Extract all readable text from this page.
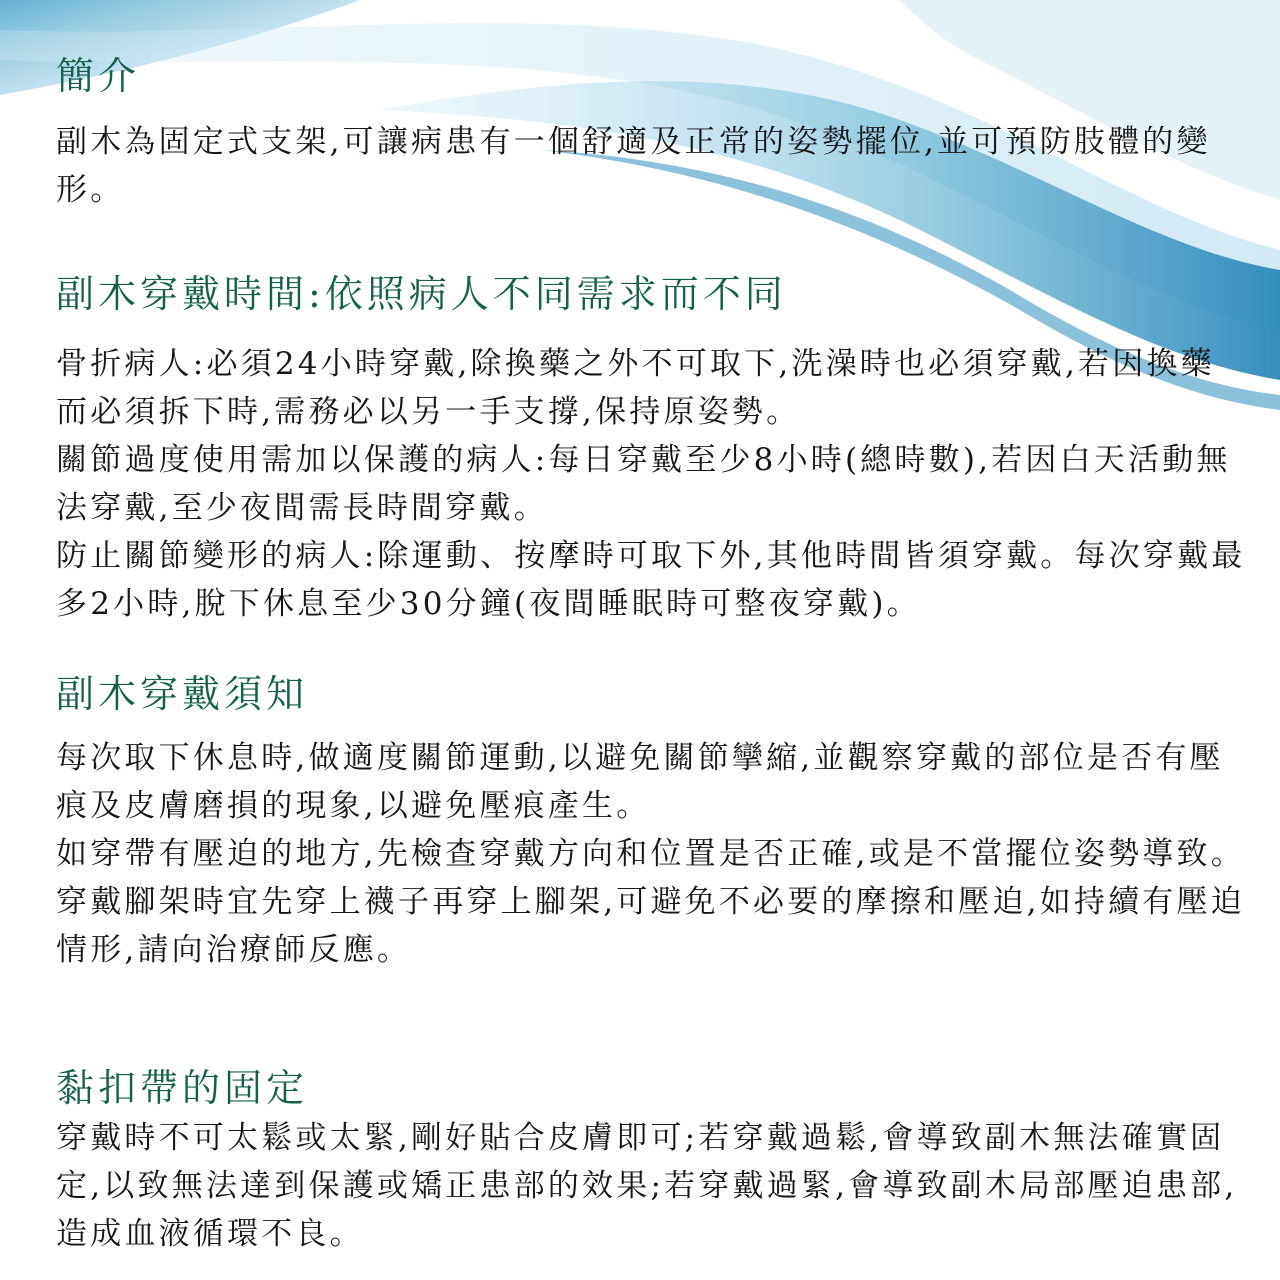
簡介

副木為固定式支架,可讓病患有一個舒適及正常的姿勢擺位,並可預防肢體的變形。

副木穿戴時間:依照病人不同需求而不同

骨折病人:必須24小時穿戴,除換藥之外不可取下,洗澡時也必須穿戴,若因換藥而必須拆下時,需務必以另一手支撐,保持原姿勢。

關節過度使用需加以保護的病人:每日穿戴至少8小時(總時數),若因白天活動無法穿戴,至少夜間需長時間穿戴。

防止關節變形的病人:除運動、按摩時可取下外,其他時間皆須穿戴。每次穿戴最多2小時,脫下休息至少30分鐘(夜間睡眠時可整夜穿戴)。

副木穿戴須知

每次取下休息時,做適度關節運動,以避免關節攣縮,並觀察穿戴的部位是否有壓痕及皮膚磨損的現象,以避免壓痕產生。

如穿帶有壓迫的地方,先檢查穿戴方向和位置是否正確,或是不當擺位姿勢導致。

穿戴腳架時宜先穿上襪子再穿上腳架,可避免不必要的摩擦和壓迫,如持續有壓迫情形,請向治療師反應。

黏扣帶的固定

穿戴時不可太鬆或太緊,剛好貼合皮膚即可;若穿戴過鬆,會導致副木無法確實固定,以致無法達到保護或矯正患部的效果;若穿戴過緊,會導致副木局部壓迫患部,造成血液循環不良。
